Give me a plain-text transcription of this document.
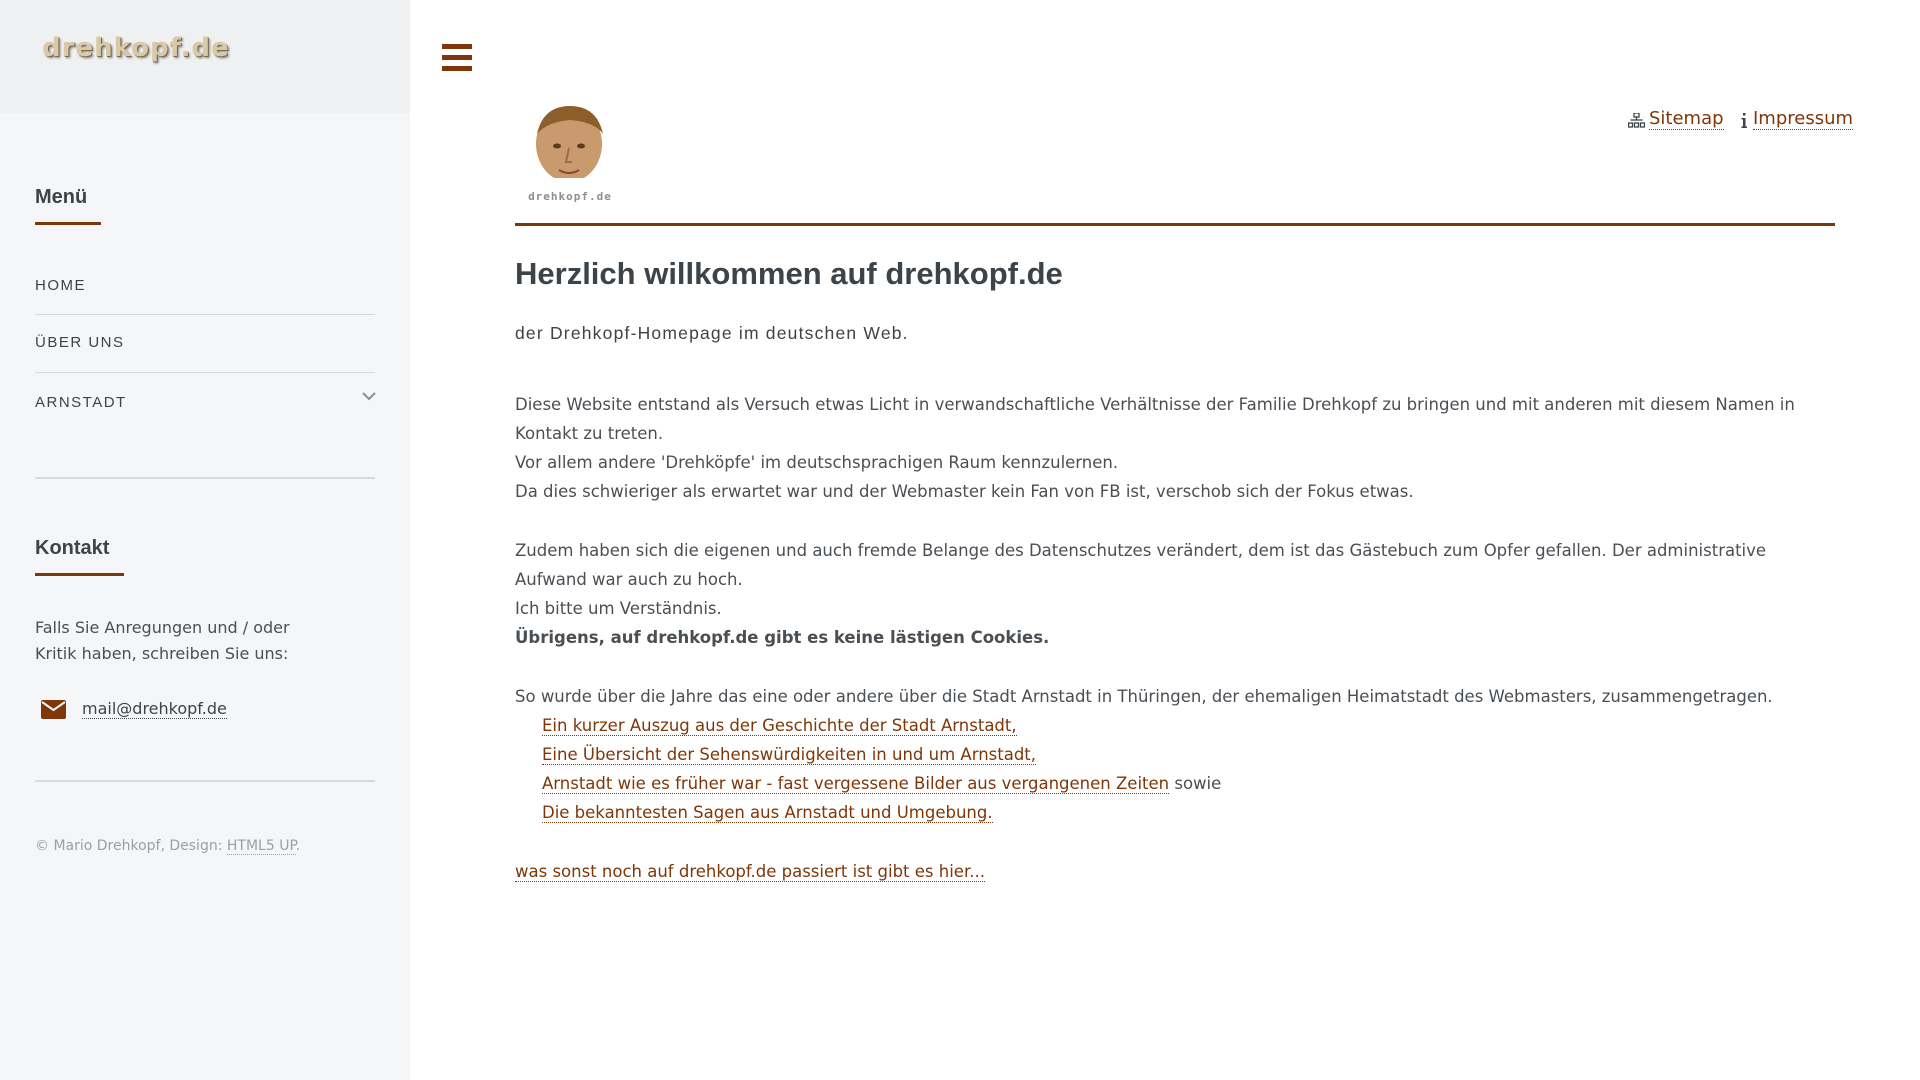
drehkopf.de
Menü
HOME
ÜBER UNS
ARNSTADT
Kontakt
Falls Sie Anregungen und / oder Kritik haben, schreiben Sie uns:
mail@drehkopf.de
© Mario Drehkopf, Design: HTML5 UP.
drehkopf.de
Sitemap Impressum
Herzlich willkommen auf drehkopf.de
der Drehkopf-Homepage im deutschen Web.

Diese Website entstand als Versuch etwas Licht in verwandschaftliche Verhältnisse der Familie Drehkopf zu bringen und mit anderen mit diesem Namen in Kontakt zu treten.
Vor allem andere 'Drehköpfe' im deutschsprachigen Raum kennzulernen.
Da dies schwieriger als erwartet war und der Webmaster kein Fan von FB ist, verschob sich der Fokus etwas.

Zudem haben sich die eigenen und auch fremde Belange des Datenschutzes verändert, dem ist das Gästebuch zum Opfer gefallen. Der administrative Aufwand war auch zu hoch.
Ich bitte um Verständnis.
Übrigens, auf drehkopf.de gibt es keine lästigen Cookies.

So wurde über die Jahre das eine oder andere über die Stadt Arnstadt in Thüringen, der ehemaligen Heimatstadt des Webmasters, zusammengetragen.
Ein kurzer Auszug aus der Geschichte der Stadt Arnstadt,
Eine Übersicht der Sehenswürdigkeiten in und um Arnstadt,
Arnstadt wie es früher war - fast vergessene Bilder aus vergangenen Zeiten sowie
Die bekanntesten Sagen aus Arnstadt und Umgebung.

was sonst noch auf drehkopf.de passiert ist gibt es hier...
